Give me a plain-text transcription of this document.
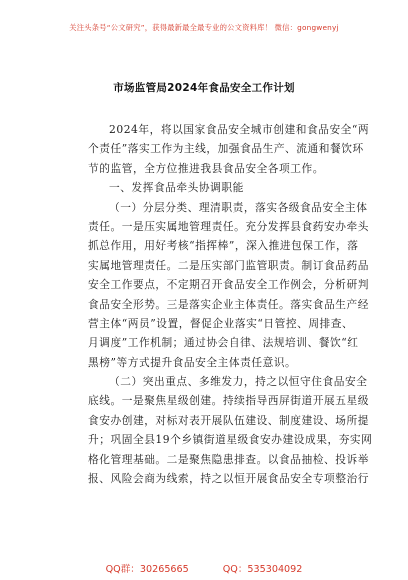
关注头条号“公文研究”，获得最新最全最专业的公文资料库！ 微信：gongwenyj
市场监管局2024年食品安全工作计划
2024年，将以国家食品安全城市创建和食品安全“两
个责任”落实工作为主线，加强食品生产、流通和餐饮环
节的监管，全方位推进我县食品安全各项工作。
一、发挥食品牵头协调职能
（一）分层分类、理清职责，落实各级食品安全主体
责任。一是压实属地管理责任。充分发挥县食药安办牵头
抓总作用，用好考核“指挥棒”，深入推进包保工作，落
实属地管理责任。二是压实部门监管职责。制订食品药品
安全工作要点，不定期召开食品安全工作例会，分析研判
食品安全形势。三是落实企业主体责任。落实食品生产经
营主体“两员”设置，督促企业落实“日管控、周排查、
月调度”工作机制；通过协会自律、法规培训、餐饮“红
黑榜”等方式提升食品安全主体责任意识。
（二）突出重点、多维发力，持之以恒守住食品安全
底线。一是聚焦星级创建。持续指导西屏街道开展五星级
食安办创建，对标对表开展队伍建设、制度建设、场所提
升；巩固全县19个乡镇街道星级食安办建设成果，夯实网
格化管理基础。二是聚焦隐患排查。以食品抽检、投诉举
报、风险会商为线索，持之以恒开展食品安全专项整治行
QQ群：30265665	QQ：535304092
